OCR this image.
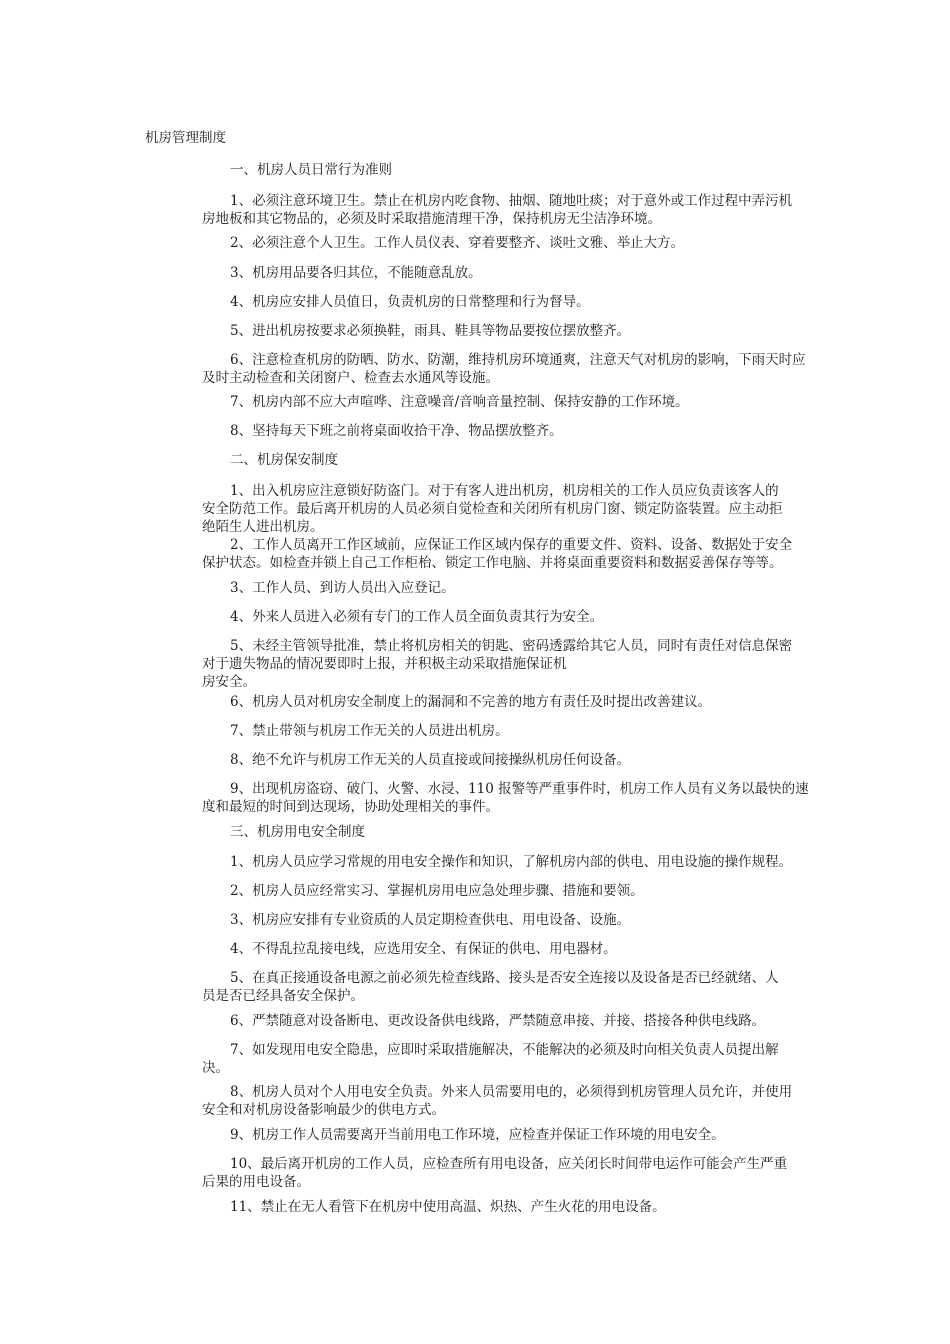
机房管理制度
一、机房人员日常行为准则
1、必须注意环境卫生。禁止在机房内吃食物、抽烟、随地吐痰；对于意外或工作过程中弄污机
房地板和其它物品的，必须及时采取措施清理干净，保持机房无尘洁净环境。
2、必须注意个人卫生。工作人员仪表、穿着要整齐、谈吐文雅、举止大方。
3、机房用品要各归其位，不能随意乱放。
4、机房应安排人员值日，负责机房的日常整理和行为督导。
5、进出机房按要求必须换鞋，雨具、鞋具等物品要按位摆放整齐。
6、注意检查机房的防晒、防水、防潮，维持机房环境通爽，注意天气对机房的影响，下雨天时应
及时主动检查和关闭窗户、检查去水通风等设施。
7、机房内部不应大声喧哗、注意噪音/音响音量控制、保持安静的工作环境。
8、坚持每天下班之前将桌面收拾干净、物品摆放整齐。
二、机房保安制度
1、出入机房应注意锁好防盗门。对于有客人进出机房，机房相关的工作人员应负责该客人的
安全防范工作。最后离开机房的人员必须自觉检查和关闭所有机房门窗、锁定防盗装置。应主动拒
绝陌生人进出机房。
2、工作人员离开工作区域前，应保证工作区域内保存的重要文件、资料、设备、数据处于安全
保护状态。如检查并锁上自己工作柜枱、锁定工作电脑、并将桌面重要资料和数据妥善保存等等。
3、工作人员、到访人员出入应登记。
4、外来人员进入必须有专门的工作人员全面负责其行为安全。
5、未经主管领导批准，禁止将机房相关的钥匙、密码透露给其它人员，同时有责任对信息保密
对于遗失物品的情况要即时上报，并积极主动采取措施保证机
房安全。
6、机房人员对机房安全制度上的漏洞和不完善的地方有责任及时提出改善建议。
7、禁止带领与机房工作无关的人员进出机房。
8、绝不允许与机房工作无关的人员直接或间接操纵机房任何设备。
9、出现机房盗窃、破门、火警、水浸、110 报警等严重事件时，机房工作人员有义务以最快的速
度和最短的时间到达现场，协助处理相关的事件。
三、机房用电安全制度
1、机房人员应学习常规的用电安全操作和知识，了解机房内部的供电、用电设施的操作规程。
2、机房人员应经常实习、掌握机房用电应急处理步骤、措施和要领。
3、机房应安排有专业资质的人员定期检查供电、用电设备、设施。
4、不得乱拉乱接电线，应选用安全、有保证的供电、用电器材。
5、在真正接通设备电源之前必须先检查线路、接头是否安全连接以及设备是否已经就绪、人
员是否已经具备安全保护。
6、严禁随意对设备断电、更改设备供电线路，严禁随意串接、并接、搭接各种供电线路。
7、如发现用电安全隐患，应即时采取措施解决，不能解决的必须及时向相关负责人员提出解
决。
8、机房人员对个人用电安全负责。外来人员需要用电的，必须得到机房管理人员允许，并使用
安全和对机房设备影响最少的供电方式。
9、机房工作人员需要离开当前用电工作环境，应检查并保证工作环境的用电安全。
10、最后离开机房的工作人员，应检查所有用电设备，应关闭长时间带电运作可能会产生严重
后果的用电设备。
11、禁止在无人看管下在机房中使用高温、炽热、产生火花的用电设备。
